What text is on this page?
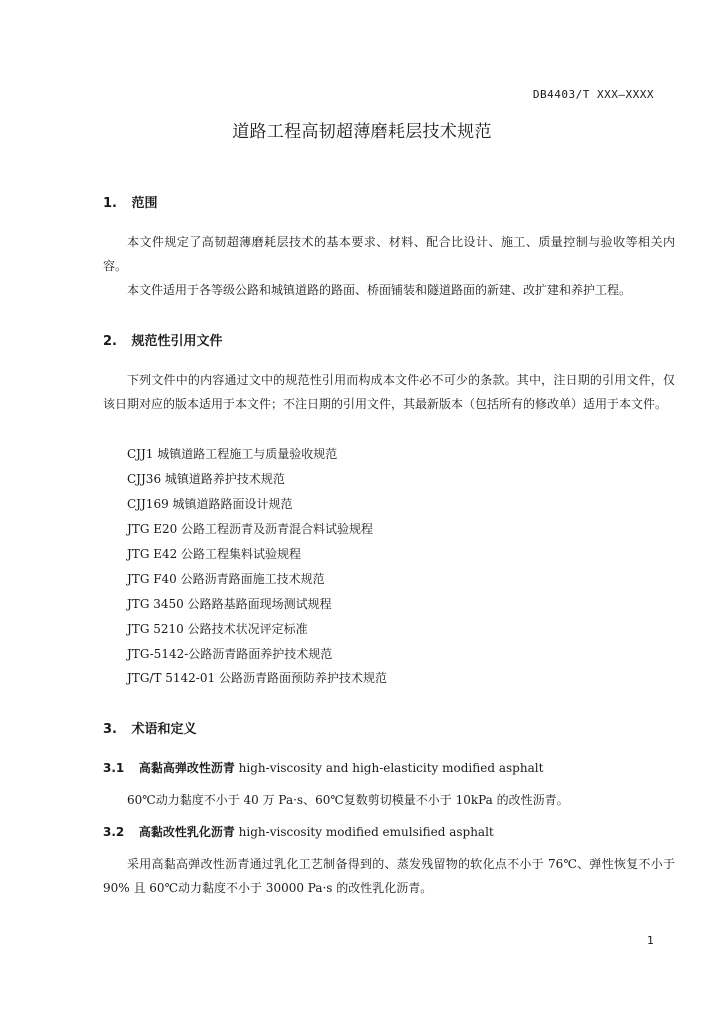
DB4403/T XXX—XXXX
道路工程高韧超薄磨耗层技术规范
1. 范围

本文件规定了高韧超薄磨耗层技术的基本要求、材料、配合比设计、施工、质量控制与验收等相关内容。

本文件适用于各等级公路和城镇道路的路面、桥面铺装和隧道路面的新建、改扩建和养护工程。

2. 规范性引用文件

下列文件中的内容通过文中的规范性引用而构成本文件必不可少的条款。其中，注日期的引用文件，仅该日期对应的版本适用于本文件；不注日期的引用文件，其最新版本（包括所有的修改单）适用于本文件。

CJJ1 城镇道路工程施工与质量验收规范
CJJ36 城镇道路养护技术规范
CJJ169 城镇道路路面设计规范
JTG E20 公路工程沥青及沥青混合料试验规程
JTG E42 公路工程集料试验规程
JTG F40 公路沥青路面施工技术规范
JTG 3450 公路路基路面现场测试规程
JTG 5210 公路技术状况评定标准
JTG-5142-公路沥青路面养护技术规范
JTG/T 5142-01 公路沥青路面预防养护技术规范
3. 术语和定义
3.1 高黏高弹改性沥青 high-viscosity and high-elasticity modified asphalt

60℃动力黏度不小于 40 万 Pa·s、60℃复数剪切模量不小于 10kPa 的改性沥青。

3.2 高黏改性乳化沥青 high-viscosity modified emulsified asphalt

采用高黏高弹改性沥青通过乳化工艺制备得到的、蒸发残留物的软化点不小于 76℃、弹性恢复不小于 90% 且 60℃动力黏度不小于 30000 Pa·s 的改性乳化沥青。

1
